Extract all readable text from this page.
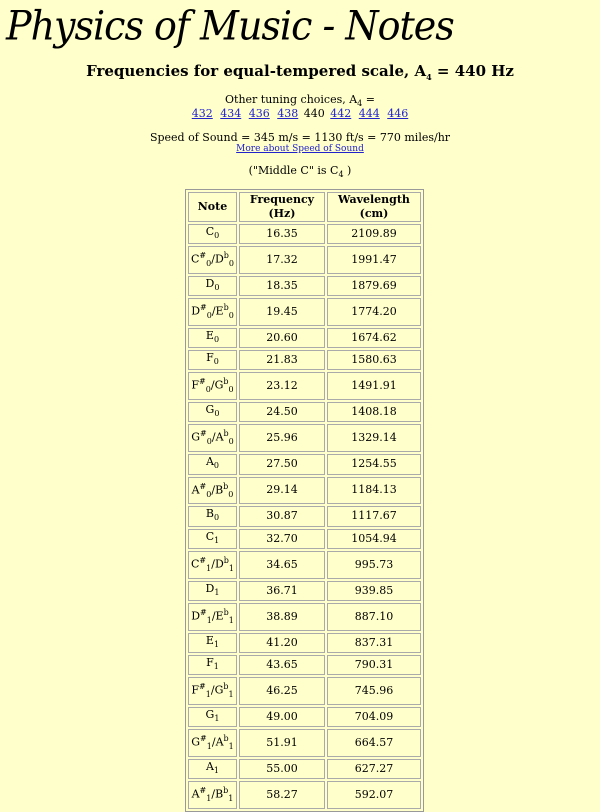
Physics of Music - Notes
Frequencies for equal-tempered scale, $A_4 = 440$ Hz
Other tuning choices, $A_4$ =
432 434 436 438 440 442 444 446
Speed of Sound = 345 m/s = 1130 ft/s = 770 miles/hr
More about Speed of Sound
("Middle C" is $C_4$ )
Note	Frequency (Hz)	Wavelength (cm)
$C_0$	16.35	2109.89
$C^{\#}_0/D^b_0$	17.32	1991.47
$D_0$	18.35	1879.69
$D^{\#}_0/E^b_0$	19.45	1774.20
$E_0$	20.60	1674.62
$F_0$	21.83	1580.63
$F^{\#}_0/G^b_0$	23.12	1491.91
$G_0$	24.50	1408.18
$G^{\#}_0/A^b_0$	25.96	1329.14
$A_0$	27.50	1254.55
$A^{\#}_0/B^b_0$	29.14	1184.13
$B_0$	30.87	1117.67
$C_1$	32.70	1054.94
$C^{\#}_1/D^b_1$	34.65	995.73
$D_1$	36.71	939.85
$D^{\#}_1/E^b_1$	38.89	887.10
$E_1$	41.20	837.31
$F_1$	43.65	790.31
$F^{\#}_1/G^b_1$	46.25	745.96
$G_1$	49.00	704.09
$G^{\#}_1/A^b_1$	51.91	664.57
$A_1$	55.00	627.27
$A^{\#}_1/B^b_1$	58.27	592.07
